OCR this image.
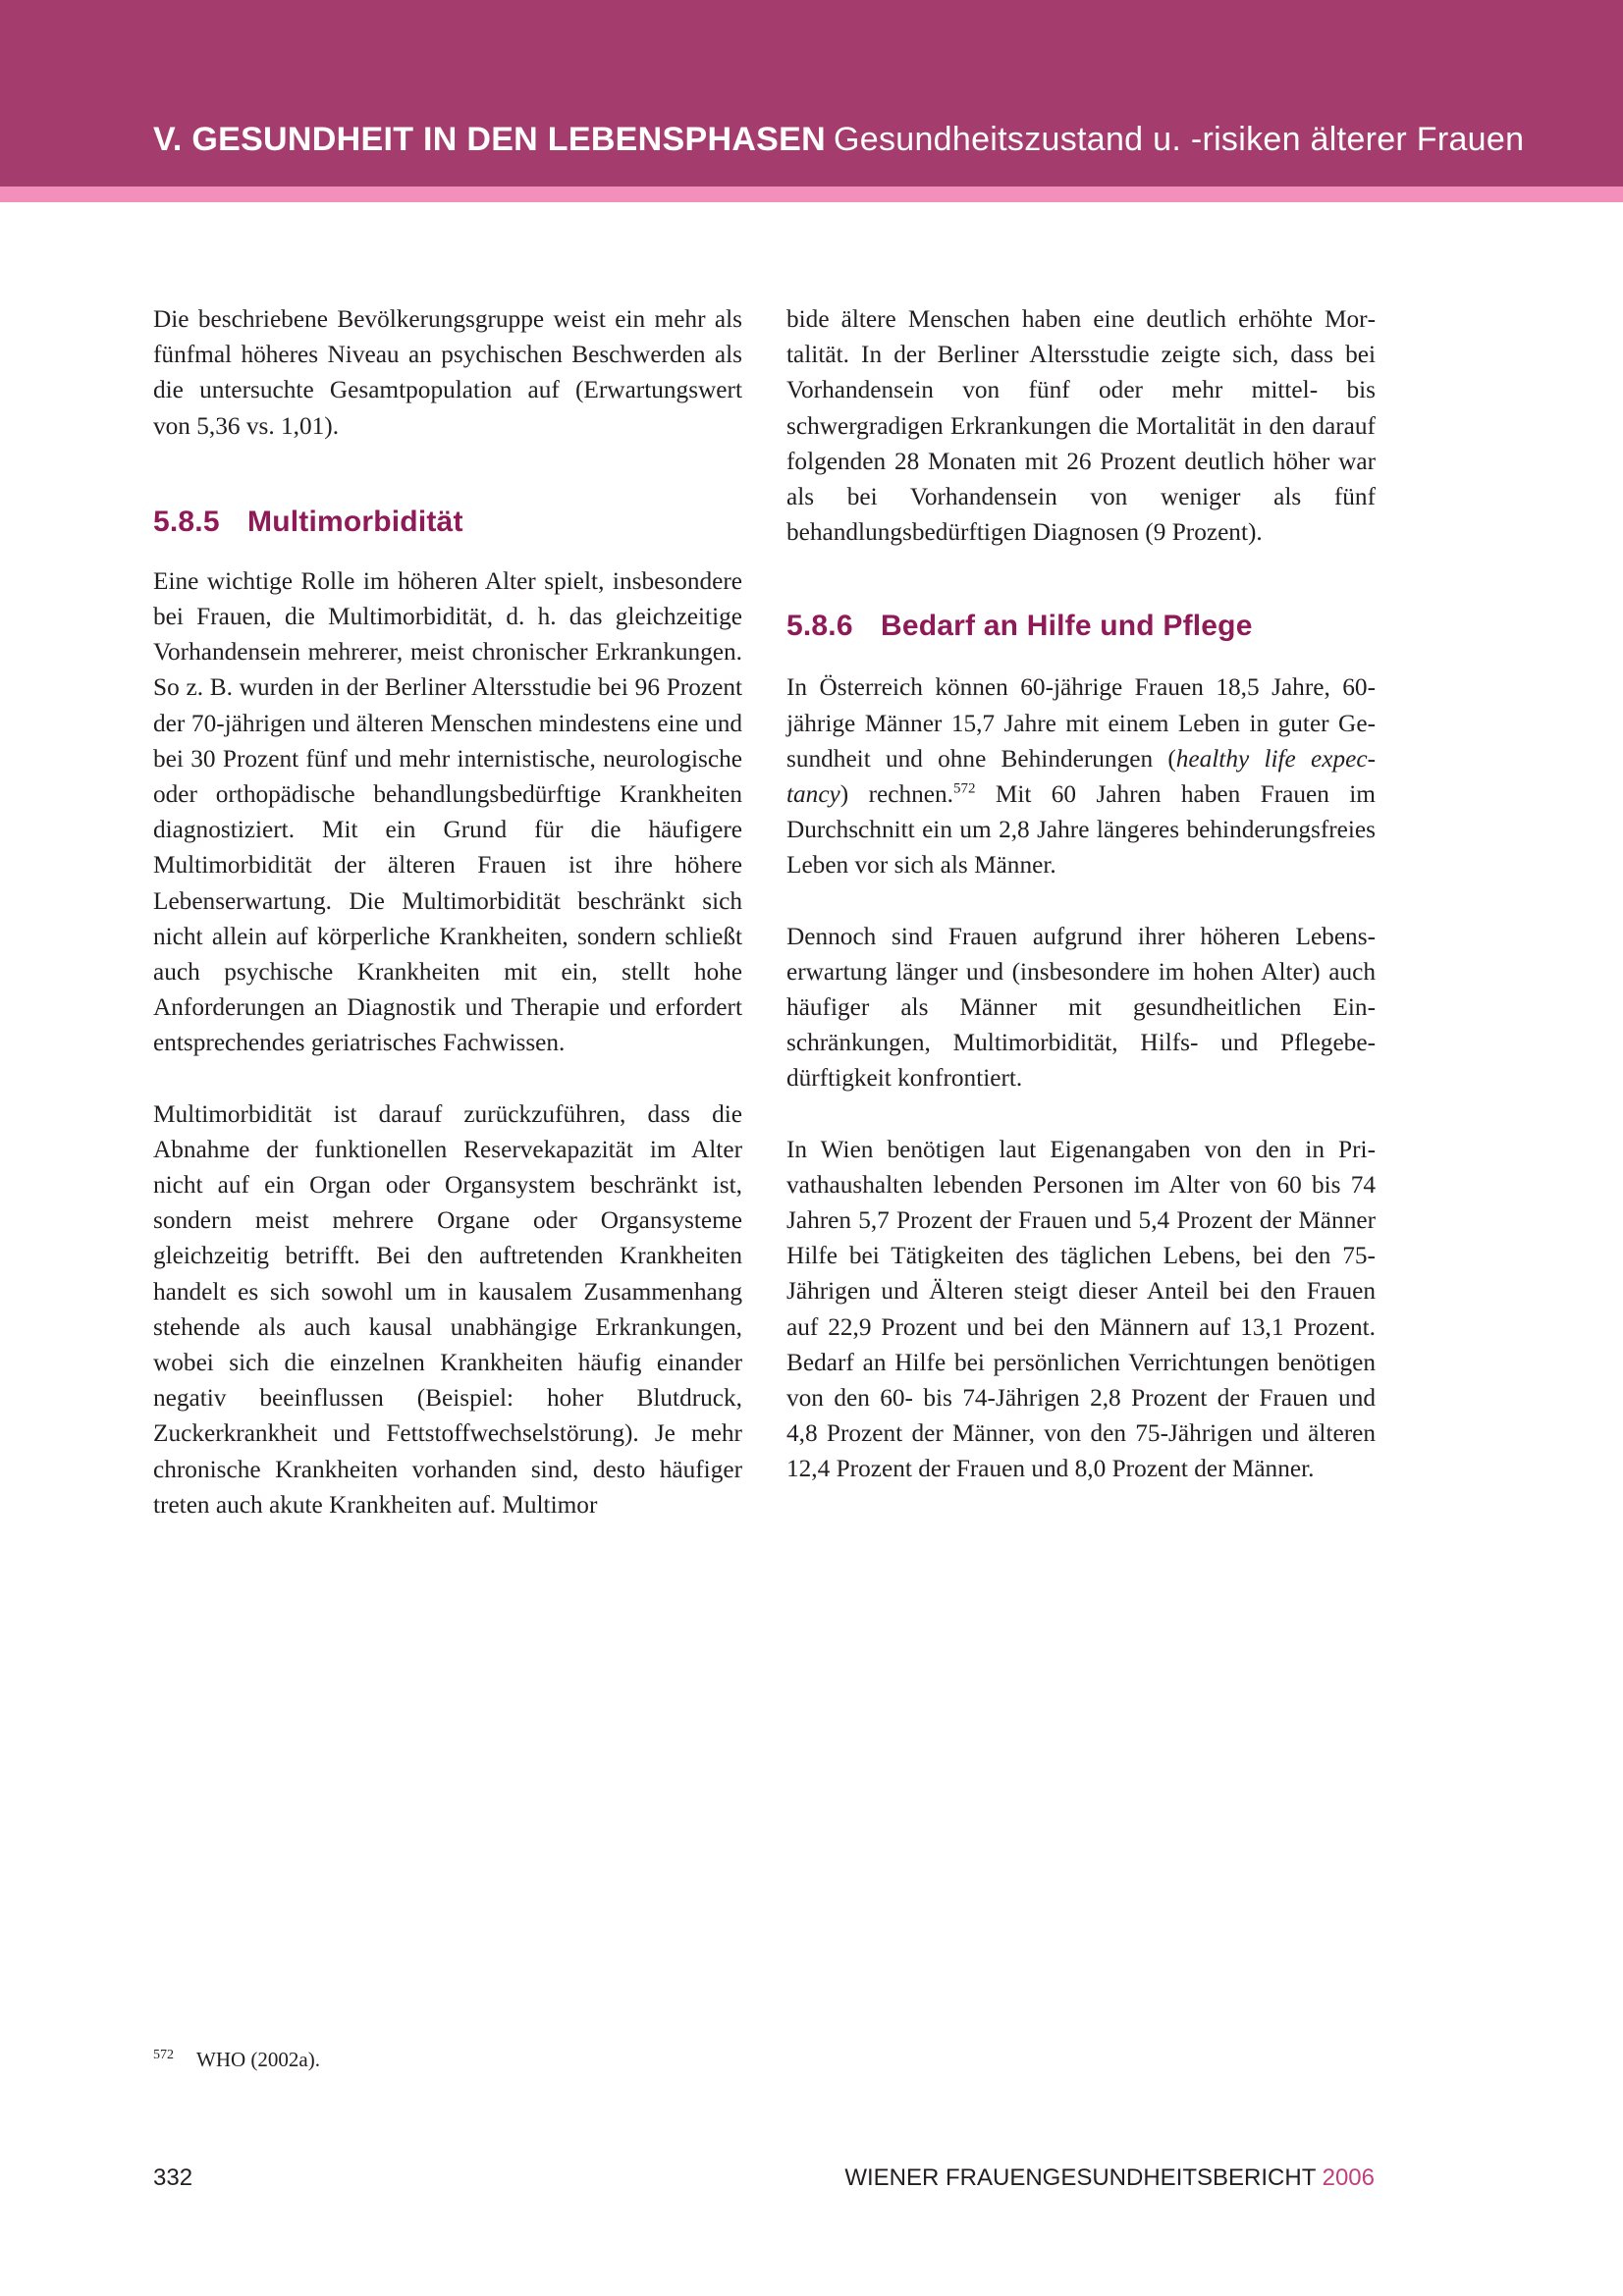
V. GESUNDHEIT IN DEN LEBENSPHASEN Gesundheitszustand u. -risiken älterer Frauen

Die beschriebene Bevölkerungsgruppe weist ein mehr als fünfmal höheres Niveau an psychischen Beschwerden als die untersuchte Gesamtpopulation auf (Erwartungswert von 5,36 vs. 1,01).

5.8.5 Multimorbidität

Eine wichtige Rolle im höheren Alter spielt, insbesondere bei Frauen, die Multimorbidität, d. h. das gleichzeitige Vorhandensein mehrerer, meist chronischer Erkrankungen. So z. B. wurden in der Berliner Altersstudie bei 96 Prozent der 70-jährigen und älteren Menschen mindestens eine und bei 30 Prozent fünf und mehr internistische, neurologische oder orthopädische behandlungsbedürftige Krankheiten diagnostiziert. Mit ein Grund für die häufigere Multimorbidität der älteren Frauen ist ihre höhere Lebenserwartung. Die Multimorbidität beschränkt sich nicht allein auf körperliche Krankheiten, sondern schließt auch psychische Krankheiten mit ein, stellt hohe Anforderungen an Diagnostik und Therapie und erfordert entsprechendes geriatrisches Fachwissen.

Multimorbidität ist darauf zurückzuführen, dass die Abnahme der funktionellen Reservekapazität im Alter nicht auf ein Organ oder Organsystem beschränkt ist, sondern meist mehrere Organe oder Organsysteme gleichzeitig betrifft. Bei den auftretenden Krankheiten handelt es sich sowohl um in kausalem Zusammenhang stehende als auch kausal unabhängige Erkrankungen, wobei sich die einzelnen Krankheiten häufig einander negativ beeinflussen (Beispiel: hoher Blutdruck, Zuckerkrankheit und Fettstoffwechselstörung). Je mehr chronische Krankheiten vorhanden sind, desto häufiger treten auch akute Krankheiten auf. Multimor

bide ältere Menschen haben eine deutlich erhöhte Mortalität. In der Berliner Altersstudie zeigte sich, dass bei Vorhandensein von fünf oder mehr mittel- bis schwergradigen Erkrankungen die Mortalität in den darauf folgenden 28 Monaten mit 26 Prozent deutlich höher war als bei Vorhandensein von weniger als fünf behandlungsbedürftigen Diagnosen (9 Prozent).

5.8.6 Bedarf an Hilfe und Pflege

In Österreich können 60-jährige Frauen 18,5 Jahre, 60-jährige Männer 15,7 Jahre mit einem Leben in guter Gesundheit und ohne Behinderungen (healthy life expectancy) rechnen.$^{572}$ Mit 60 Jahren haben Frauen im Durchschnitt ein um 2,8 Jahre längeres behinderungsfreies Leben vor sich als Männer.

Dennoch sind Frauen aufgrund ihrer höheren Lebenserwartung länger und (insbesondere im hohen Alter) auch häufiger als Männer mit gesundheitlichen Einschränkungen, Multimorbidität, Hilfs- und Pflegebedürftigkeit konfrontiert.

In Wien benötigen laut Eigenangaben von den in Privathaushalten lebenden Personen im Alter von 60 bis 74 Jahren 5,7 Prozent der Frauen und 5,4 Prozent der Männer Hilfe bei Tätigkeiten des täglichen Lebens, bei den 75-Jährigen und Älteren steigt dieser Anteil bei den Frauen auf 22,9 Prozent und bei den Männern auf 13,1 Prozent. Bedarf an Hilfe bei persönlichen Verrichtungen benötigen von den 60- bis 74-Jährigen 2,8 Prozent der Frauen und 4,8 Prozent der Männer, von den 75-Jährigen und älteren 12,4 Prozent der Frauen und 8,0 Prozent der Männer.

572 WHO (2002a).
332	WIENER FRAUENGESUNDHEITSBERICHT 2006
